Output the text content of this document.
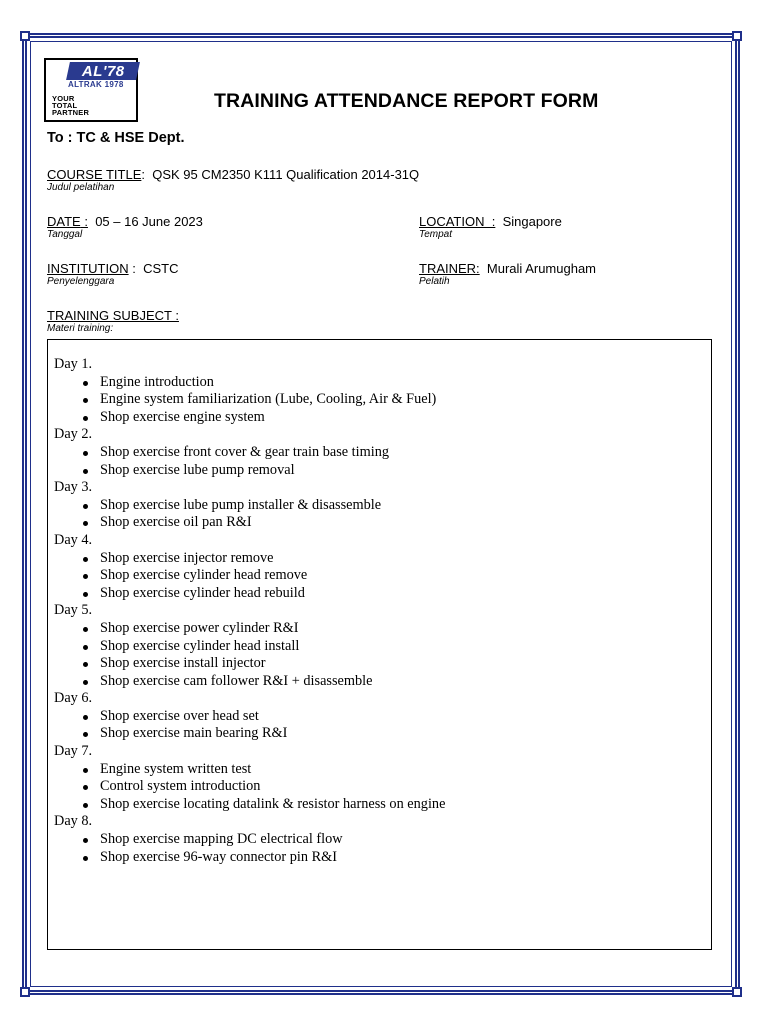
AL'78
ALTRAK 1978
YOUR
TOTAL
PARTNER
TRAINING ATTENDANCE REPORT FORM
To : TC & HSE Dept.
COURSE TITLE:  QSK 95 CM2350 K111 Qualification 2014-31Q
Judul pelatihan
DATE : 05 – 16 June 2023
Tanggal
LOCATION  : Singapore
Tempat
INSTITUTION :  CSTC
Penyelenggara
TRAINER: Murali Arumugham
Pelatih
TRAINING SUBJECT :
Materi training:
Day 1.
Engine introduction
Engine system familiarization (Lube, Cooling, Air & Fuel)
Shop exercise engine system
Day 2.
Shop exercise front cover & gear train base timing
Shop exercise lube pump removal
Day 3.
Shop exercise lube pump installer & disassemble
Shop exercise oil pan R&I
Day 4.
Shop exercise injector remove
Shop exercise cylinder head remove
Shop exercise cylinder head rebuild
Day 5.
Shop exercise power cylinder R&I
Shop exercise cylinder head install
Shop exercise install injector
Shop exercise cam follower R&I + disassemble
Day 6.
Shop exercise over head set
Shop exercise main bearing R&I
Day 7.
Engine system written test
Control system introduction
Shop exercise locating datalink & resistor harness on engine
Day 8.
Shop exercise mapping DC electrical flow
Shop exercise 96-way connector pin R&I
